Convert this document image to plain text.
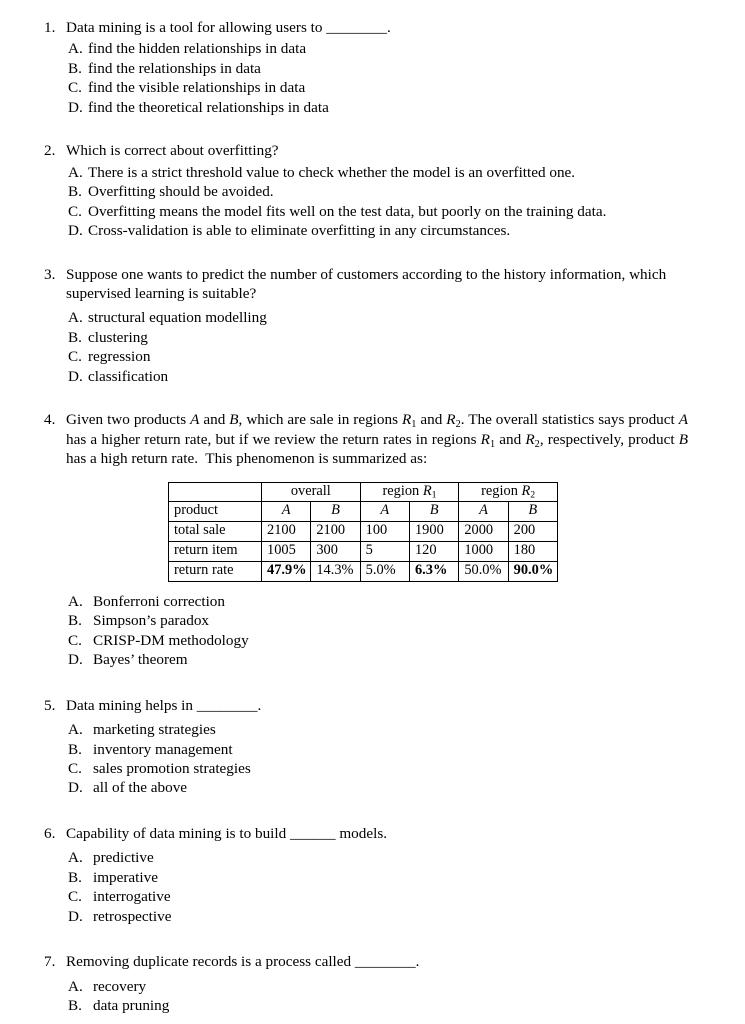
1. Data mining is a tool for allowing users to ________.
A. find the hidden relationships in data
B. find the relationships in data
C. find the visible relationships in data
D. find the theoretical relationships in data
2. Which is correct about overfitting?
A. There is a strict threshold value to check whether the model is an overfitted one.
B. Overfitting should be avoided.
C. Overfitting means the model fits well on the test data, but poorly on the training data.
D. Cross-validation is able to eliminate overfitting in any circumstances.
3. Suppose one wants to predict the number of customers according to the history information, which supervised learning is suitable?
A. structural equation modelling
B. clustering
C. regression
D. classification
4. Given two products A and B, which are sale in regions $R_1$ and $R_2$. The overall statistics says product A has a higher return rate, but if we review the return rates in regions $R_1$ and $R_2$, respectively, product B has a high return rate.  This phenomenon is summarized as:
	overall		region $R_1$		region $R_2$
product	A	B	A	B	A	B
total sale	2100	2100	100	1900	2000	200
return item	1005	300	5	120	1000	180
return rate	47.9%	14.3%	5.0%	6.3%	50.0%	90.0%
A. Bonferroni correction
B. Simpson’s paradox
C. CRISP-DM methodology
D. Bayes’ theorem
5. Data mining helps in ________.
A. marketing strategies
B. inventory management
C. sales promotion strategies
D. all of the above
6. Capability of data mining is to build ______ models.
A. predictive
B. imperative
C. interrogative
D. retrospective
7. Removing duplicate records is a process called ________.
A. recovery
B. data pruning
